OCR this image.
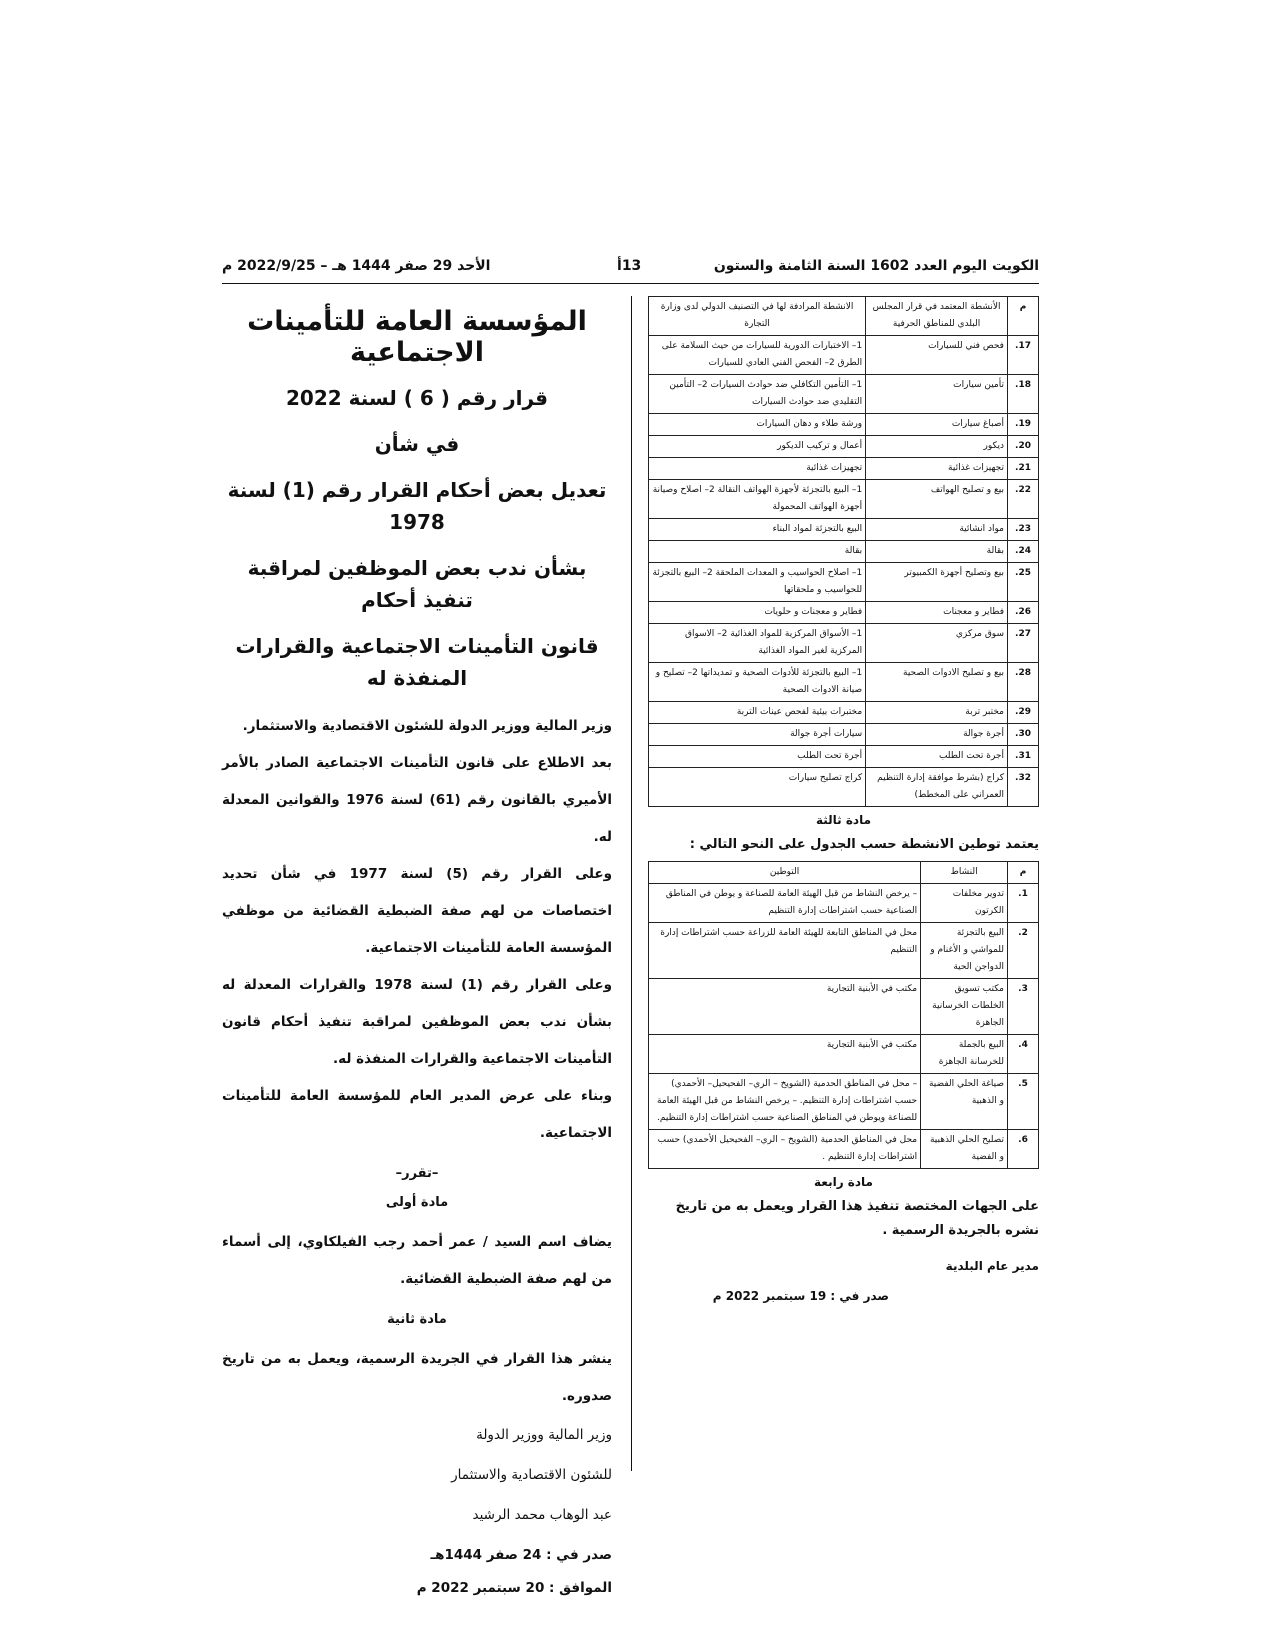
الكويت اليوم العدد 1602 السنة الثامنة والستون
13أ
الأحد 29 صفر 1444 هـ – 2022/9/25 م
المؤسسة العامة للتأمينات الاجتماعية
قرار رقم ( 6 ) لسنة 2022
في شأن
تعديل بعض أحكام القرار رقم (1) لسنة 1978
بشأن ندب بعض الموظفين لمراقبة تنفيذ أحكام
قانون التأمينات الاجتماعية والقرارات المنفذة له

وزير المالية ووزير الدولة للشئون الاقتصادية والاستثمار.

بعد الاطلاع على قانون التأمينات الاجتماعية الصادر بالأمر الأميري بالقانون رقم (61) لسنة 1976 والقوانين المعدلة له.

وعلى القرار رقم (5) لسنة 1977 في شأن تحديد اختصاصات من لهم صفة الضبطية القضائية من موظفي المؤسسة العامة للتأمينات الاجتماعية.

وعلى القرار رقم (1) لسنة 1978 والقرارات المعدلة له بشأن ندب بعض الموظفين لمراقبة تنفيذ أحكام قانون التأمينات الاجتماعية والقرارات المنفذة له.

وبناء على عرض المدير العام للمؤسسة العامة للتأمينات الاجتماعية.

–تقرر–
مادة أولى

يضاف اسم السيد / عمر أحمد رجب الفيلكاوي، إلى أسماء من لهم صفة الضبطية القضائية.

مادة ثانية

ينشر هذا القرار في الجريدة الرسمية، ويعمل به من تاريخ صدوره.

وزير المالية ووزير الدولة

للشئون الاقتصادية والاستثمار

عبد الوهاب محمد الرشيد

صدر في : 24 صفر 1444هـ

الموافق : 20 سبتمبر 2022 م

م	الأنشطة المعتمد في قرار المجلس البلدي للمناطق الحرفية	الانشطة المرادفة لها في التصنيف الدولي لدى وزارة التجارة
17.	فحص فني للسيارات	1– الاختبارات الدورية للسيارات من حيث السلامة على الطرق 2– الفحص الفني العادي للسيارات
18.	تأمين سيارات	1– التأمين التكافلي ضد حوادث السيارات 2– التأمين التقليدي ضد حوادث السيارات
19.	أصباغ سيارات	ورشة طلاء و دهان السيارات
20.	ديكور	أعمال و تركيب الديكور
21.	تجهيزات غذائية	تجهيزات غذائية
22.	بيع و تصليح الهواتف	1– البيع بالتجزئة لأجهزة الهواتف النقالة 2– اصلاح وصيانة أجهزة الهواتف المحمولة
23.	مواد انشائية	البيع بالتجزئة لمواد البناء
24.	بقالة	بقالة
25.	بيع وتصليح أجهزة الكمبيوتر	1– اصلاح الحواسيب و المعدات الملحقة 2– البيع بالتجزئة للحواسيب و ملحقاتها
26.	فطاير و معجنات	فطاير و معجنات و حلويات
27.	سوق مركزي	1– الأسواق المركزية للمواد الغذائية 2– الاسواق المركزية لغير المواد الغذائية
28.	بيع و تصليح الادوات الصحية	1– البيع بالتجزئة للأدوات الصحية و تمديداتها 2– تصليح و صيانة الادوات الصحية
29.	مختبر تربة	مختبرات بيئية لفحص عينات التربة
30.	أجرة جوالة	سيارات أجرة جوالة
31.	أجرة تحت الطلب	أجرة تحت الطلب
32.	كراج (بشرط موافقة إدارة التنظيم العمراني على المخطط)	كراج تصليح سيارات
مادة ثالثة

يعتمد توطين الانشطة حسب الجدول على النحو التالي :

م	النشاط	التوطين
1.	تدوير مخلفات الكرتون	– يرخص النشاط من قبل الهيئة العامة للصناعة و يوطن في المناطق الصناعية حسب اشتراطات إدارة التنظيم
2.	البيع بالتجزئة للمواشي و الأغنام و الدواجن الحية	محل في المناطق التابعة للهيئة العامة للزراعة حسب اشتراطات إدارة التنظيم
3.	مكتب تسويق الخلطات الخرسانية الجاهزة	مكتب في الأبنية التجارية
4.	البيع بالجملة للخرسانة الجاهزة	مكتب في الأبنية التجارية
5.	صياغة الحلي الفضية و الذهبية	– محل في المناطق الحدمية (الشويخ – الري– الفحيحيل– الأحمدي) حسب اشتراطات إدارة التنظيم. – يرخص النشاط من قبل الهيئة العامة للصناعة ويوطن في المناطق الصناعية حسب اشتراطات إدارة التنظيم.
6.	تصليح الحلي الذهبية و الفضية	محل في المناطق الحدمية (الشويخ – الري– الفحيحيل الأحمدي) حسب اشتراطات إدارة التنظيم .
مادة رابعة

على الجهات المختصة تنفيذ هذا القرار ويعمل به من تاريخ نشره بالجريدة الرسمية .

مدير عام البلدية

صدر في : 19 سبتمبر 2022 م
